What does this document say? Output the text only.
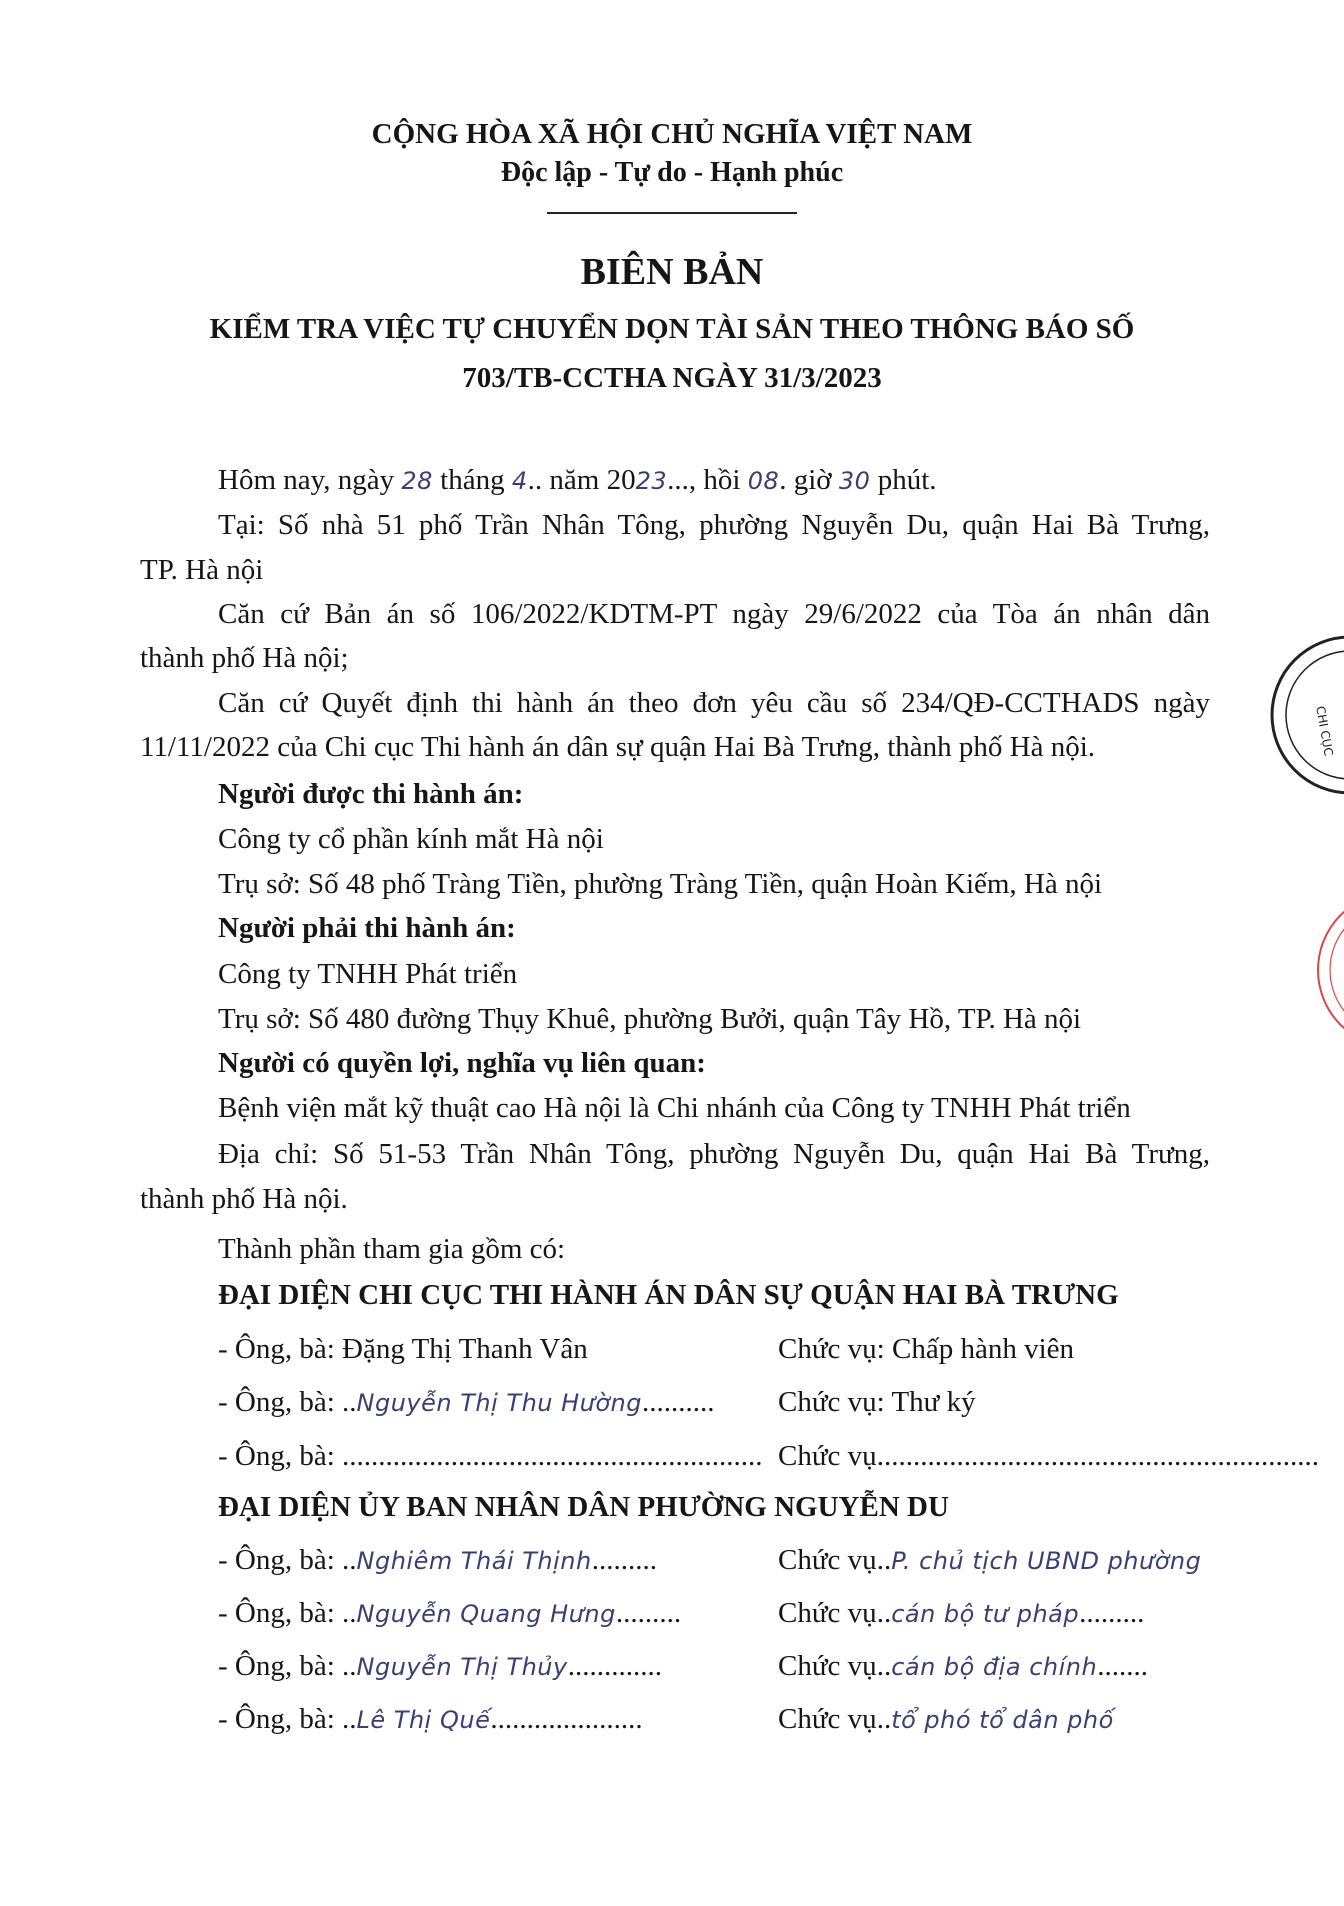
CỘNG HÒA XÃ HỘI CHỦ NGHĨA VIỆT NAM
Độc lập - Tự do - Hạnh phúc
BIÊN BẢN
KIỂM TRA VIỆC TỰ CHUYỂN DỌN TÀI SẢN THEO THÔNG BÁO SỐ
703/TB-CCTHA NGÀY 31/3/2023
Hôm nay, ngày 28 tháng 4.. năm 2023..., hồi 08. giờ 30 phút.
Tại: Số nhà 51 phố Trần Nhân Tông, phường Nguyễn Du, quận Hai Bà Trưng,
TP. Hà nội
Căn cứ Bản án số 106/2022/KDTM-PT ngày 29/6/2022 của Tòa án nhân dân
thành phố Hà nội;
Căn cứ Quyết định thi hành án theo đơn yêu cầu số 234/QĐ-CCTHADS ngày
11/11/2022 của Chi cục Thi hành án dân sự quận Hai Bà Trưng, thành phố Hà nội.
Người được thi hành án:
Công ty cổ phần kính mắt Hà nội
Trụ sở: Số 48 phố Tràng Tiền, phường Tràng Tiền, quận Hoàn Kiếm, Hà nội
Người phải thi hành án:
Công ty TNHH Phát triển
Trụ sở: Số 480 đường Thụy Khuê, phường Bưởi, quận Tây Hồ, TP. Hà nội
Người có quyền lợi, nghĩa vụ liên quan:
Bệnh viện mắt kỹ thuật cao Hà nội là Chi nhánh của Công ty TNHH Phát triển
Địa chỉ: Số 51-53 Trần Nhân Tông, phường Nguyễn Du, quận Hai Bà Trưng,
thành phố Hà nội.
Thành phần tham gia gồm có:
ĐẠI DIỆN CHI CỤC THI HÀNH ÁN DÂN SỰ QUẬN HAI BÀ TRƯNG
- Ông, bà: Đặng Thị Thanh Vân	Chức vụ: Chấp hành viên
- Ông, bà: ..Nguyễn Thị Thu Hường.......... Chức vụ: Thư ký
- Ông, bà: .......................................................... Chức vụ.............................................................
ĐẠI DIỆN ỦY BAN NHÂN DÂN PHƯỜNG NGUYỄN DU
- Ông, bà: ..Nghiêm Thái Thịnh.........	Chức vụ..P. chủ tịch UBND phường
- Ông, bà: ..Nguyễn Quang Hưng.........	Chức vụ..cán bộ tư pháp.........
- Ông, bà: ..Nguyễn Thị Thủy.............	Chức vụ..cán bộ địa chính.......
- Ông, bà: ..Lê Thị Quế.....................	Chức vụ..tổ phó tổ dân phố
CHI CỤC
